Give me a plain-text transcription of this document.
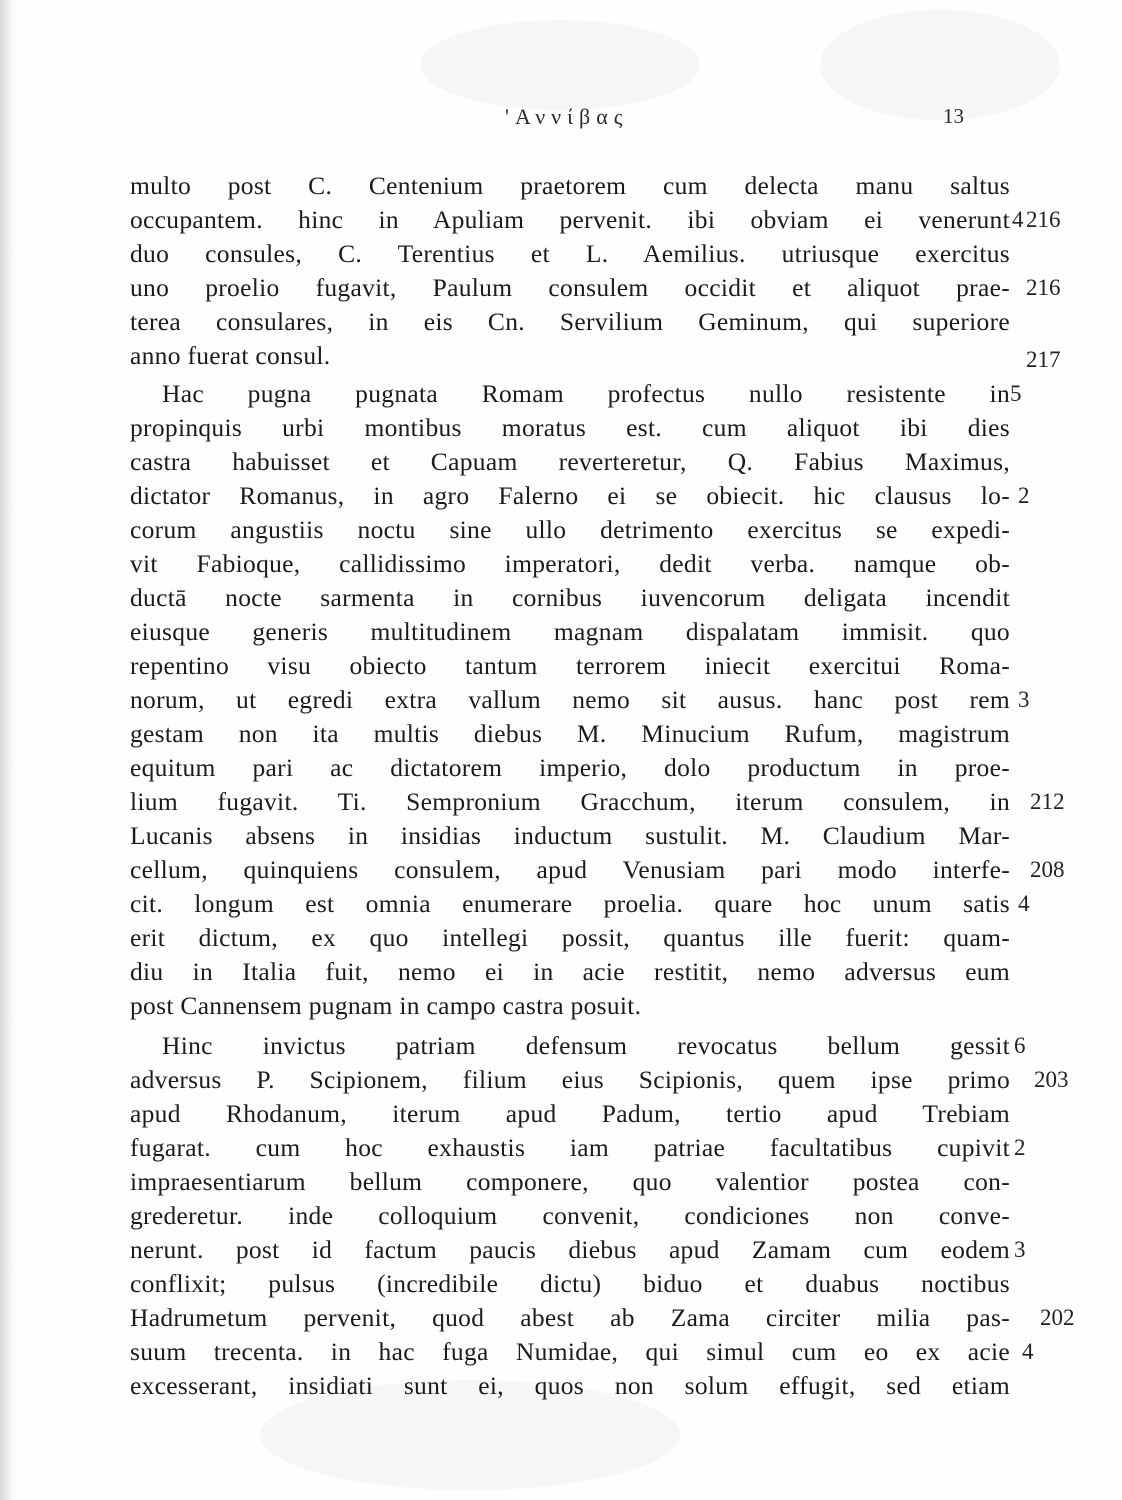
'Αννίβας	13
multo post C. Centenium praetorem cum delecta manu saltus
occupantem. hinc in Apuliam pervenit. ibi obviam ei venerunt
duo consules, C. Terentius et L. Aemilius. utriusque exercitus
uno proelio fugavit, Paulum consulem occidit et aliquot prae-
terea consulares, in eis Cn. Servilium Geminum, qui superiore
anno fuerat consul.
Hac pugna pugnata Romam profectus nullo resistente in
propinquis urbi montibus moratus est. cum aliquot ibi dies
castra habuisset et Capuam reverteretur, Q. Fabius Maximus,
dictator Romanus, in agro Falerno ei se obiecit. hic clausus lo-
corum angustiis noctu sine ullo detrimento exercitus se expedi-
vit Fabioque, callidissimo imperatori, dedit verba. namque ob-
ductā nocte sarmenta in cornibus iuvencorum deligata incendit
eiusque generis multitudinem magnam dispalatam immisit. quo
repentino visu obiecto tantum terrorem iniecit exercitui Roma-
norum, ut egredi extra vallum nemo sit ausus. hanc post rem
gestam non ita multis diebus M. Minucium Rufum, magistrum
equitum pari ac dictatorem imperio, dolo productum in proe-
lium fugavit. Ti. Sempronium Gracchum, iterum consulem, in
Lucanis absens in insidias inductum sustulit. M. Claudium Mar-
cellum, quinquiens consulem, apud Venusiam pari modo interfe-
cit. longum est omnia enumerare proelia. quare hoc unum satis
erit dictum, ex quo intellegi possit, quantus ille fuerit: quam-
diu in Italia fuit, nemo ei in acie restitit, nemo adversus eum
post Cannensem pugnam in campo castra posuit.
Hinc invictus patriam defensum revocatus bellum gessit
adversus P. Scipionem, filium eius Scipionis, quem ipse primo
apud Rhodanum, iterum apud Padum, tertio apud Trebiam
fugarat. cum hoc exhaustis iam patriae facultatibus cupivit
impraesentiarum bellum componere, quo valentior postea con-
grederetur. inde colloquium convenit, condiciones non conve-
nerunt. post id factum paucis diebus apud Zamam cum eodem
conflixit; pulsus (incredibile dictu) biduo et duabus noctibus
Hadrumetum pervenit, quod abest ab Zama circiter milia pas-
suum trecenta. in hac fuga Numidae, qui simul cum eo ex acie
excesserant, insidiati sunt ei, quos non solum effugit, sed etiam
4 216
216
217
5
2
3
212
208
4
6
203
2
3
202
4
